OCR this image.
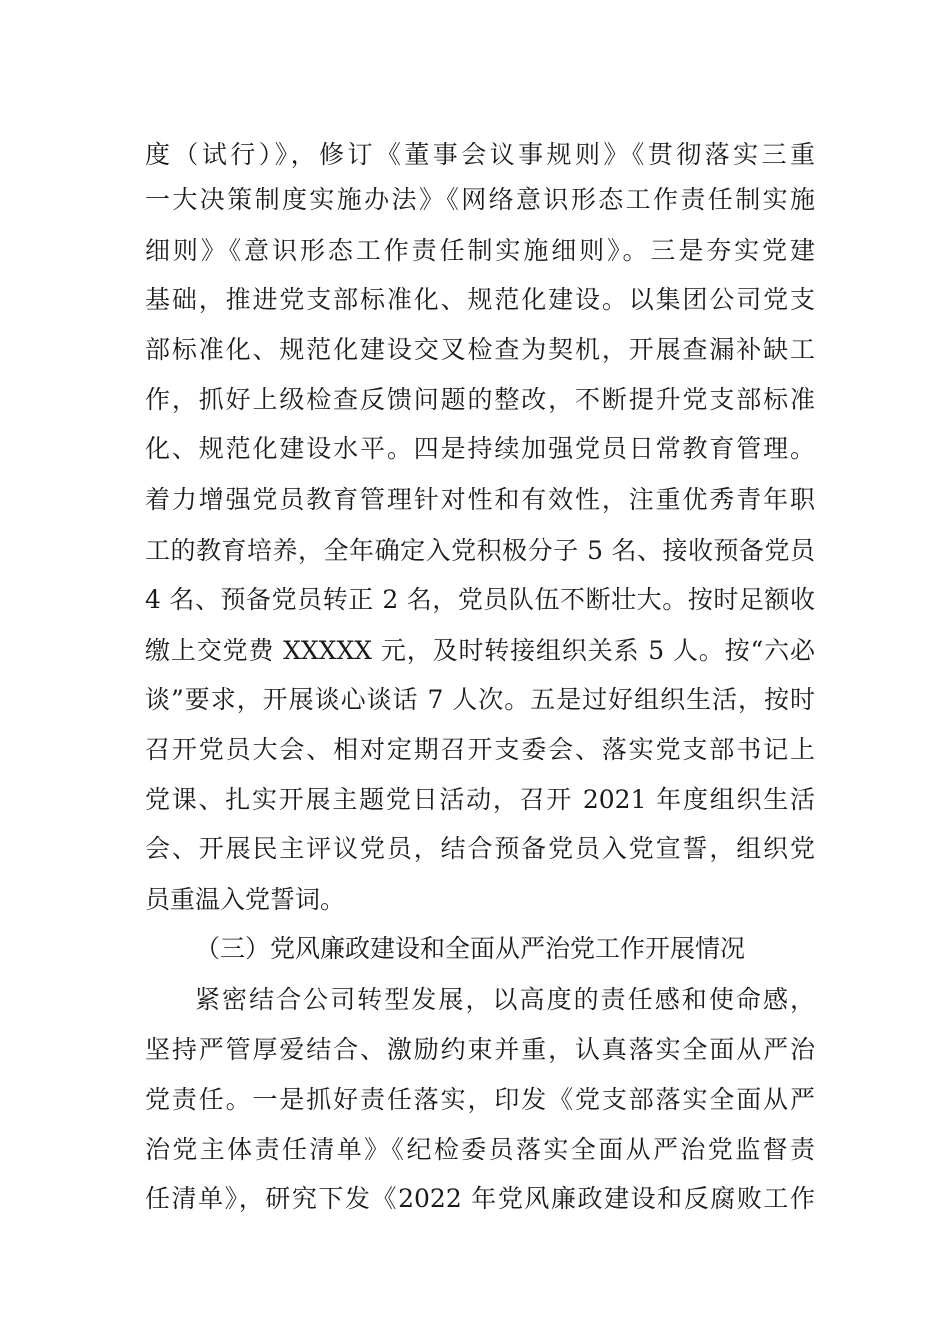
度（试行）》，修订《董事会议事规则》《贯彻落实三重
一大决策制度实施办法》《网络意识形态工作责任制实施
细则》《意识形态工作责任制实施细则》。三是夯实党建
基础，推进党支部标准化、规范化建设。以集团公司党支
部标准化、规范化建设交叉检查为契机，开展查漏补缺工
作，抓好上级检查反馈问题的整改，不断提升党支部标准
化、规范化建设水平。四是持续加强党员日常教育管理。
着力增强党员教育管理针对性和有效性，注重优秀青年职
工的教育培养，全年确定入党积极分子 5 名、接收预备党员
4 名、预备党员转正 2 名，党员队伍不断壮大。按时足额收
缴上交党费 XXXXX 元，及时转接组织关系 5 人。按“六必
谈”要求，开展谈心谈话 7 人次。五是过好组织生活，按时
召开党员大会、相对定期召开支委会、落实党支部书记上
党课、扎实开展主题党日活动，召开 2021 年度组织生活
会、开展民主评议党员，结合预备党员入党宣誓，组织党
员重温入党誓词。
（三）党风廉政建设和全面从严治党工作开展情况
紧密结合公司转型发展，以高度的责任感和使命感，
坚持严管厚爱结合、激励约束并重，认真落实全面从严治
党责任。一是抓好责任落实，印发《党支部落实全面从严
治党主体责任清单》《纪检委员落实全面从严治党监督责
任清单》，研究下发《2022 年党风廉政建设和反腐败工作
